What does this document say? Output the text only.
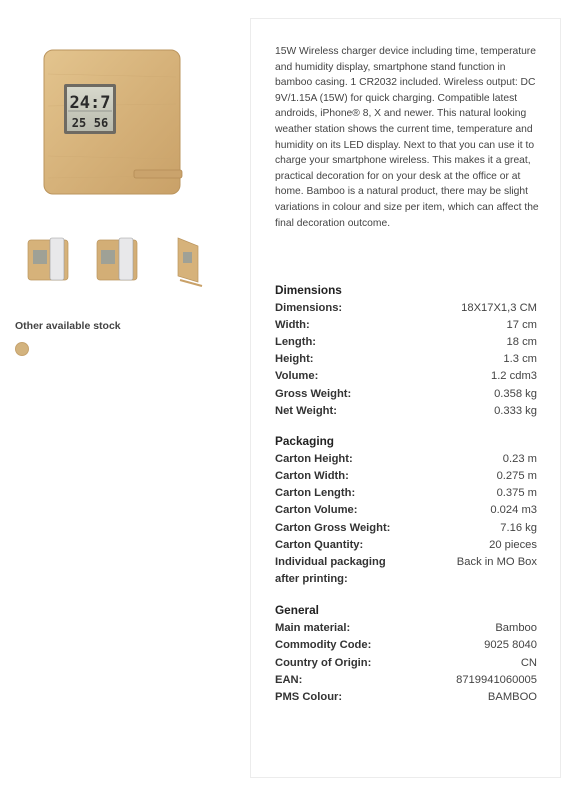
24:7
25 56
Other available stock

15W Wireless charger device including time, temperature and humidity display, smartphone stand function in bamboo casing. 1 CR2032 included. Wireless output: DC 9V/1.15A (15W) for quick charging. Compatible latest androids, iPhone® 8, X and newer. This natural looking weather station shows the current time, temperature and humidity on its LED display. Next to that you can use it to charge your smartphone wireless. This makes it a great, practical decoration for on your desk at the office or at home. Bamboo is a natural product, there may be slight variations in colour and size per item, which can affect the final decoration outcome.

Dimensions
Dimensions:	18X17X1,3 CM
Width:	17 cm
Length:	18 cm
Height:	1.3 cm
Volume:	1.2 cdm3
Gross Weight:	0.358 kg
Net Weight:	0.333 kg
Packaging
Carton Height:	0.23 m
Carton Width:	0.275 m
Carton Length:	0.375 m
Carton Volume:	0.024 m3
Carton Gross Weight:	7.16 kg
Carton Quantity:	20 pieces
Individual packaging after printing:
Back in MO Box
General
Main material:	Bamboo
Commodity Code:	9025 8040
Country of Origin:	CN
EAN:	8719941060005
PMS Colour:	BAMBOO
